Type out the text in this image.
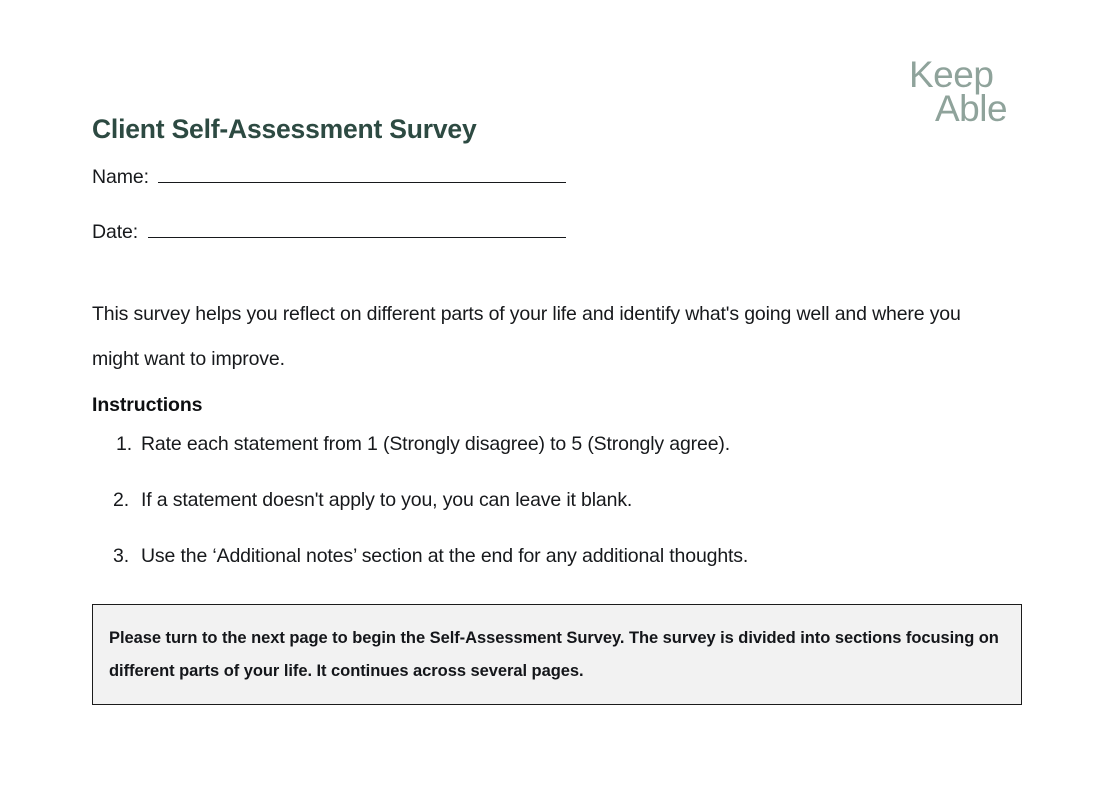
Keep
Able
Client Self-Assessment Survey
Name:
Date:

This survey helps you reflect on different parts of your life and identify what's going well and where you might want to improve.

Instructions
1. Rate each statement from 1 (Strongly disagree) to 5 (Strongly agree).
2. If a statement doesn't apply to you, you can leave it blank.
3. Use the ‘Additional notes’ section at the end for any additional thoughts.
Please turn to the next page to begin the Self-Assessment Survey. The survey is divided into sections focusing on different parts of your life. It continues across several pages.
